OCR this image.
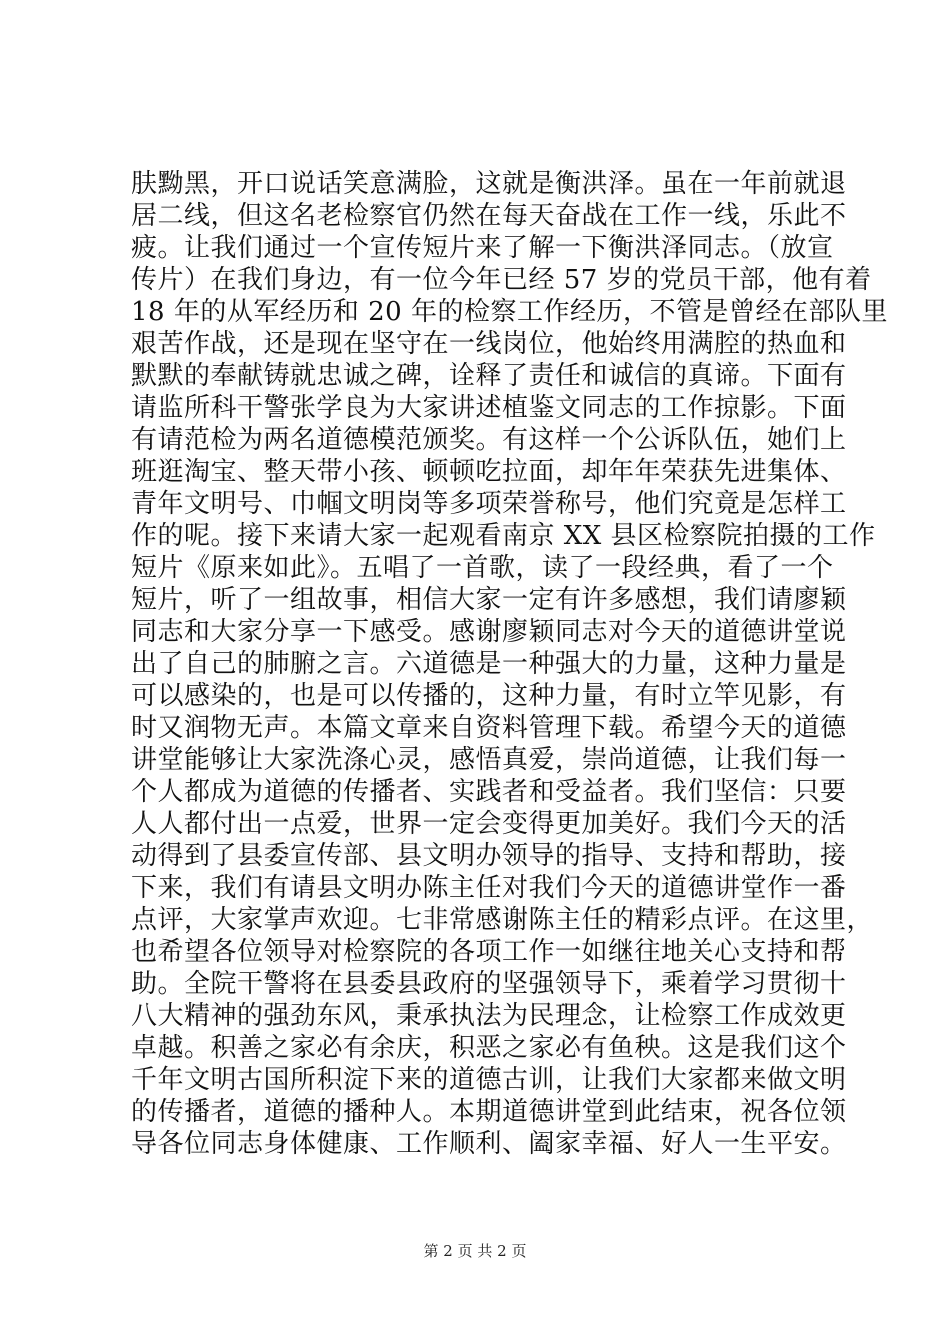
肤黝黑，开口说话笑意满脸，这就是衡洪泽。虽在一年前就退
居二线，但这名老检察官仍然在每天奋战在工作一线，乐此不
疲。让我们通过一个宣传短片来了解一下衡洪泽同志。（放宣
传片）在我们身边，有一位今年已经 57 岁的党员干部，他有着
18 年的从军经历和 20 年的检察工作经历，不管是曾经在部队里
艰苦作战，还是现在坚守在一线岗位，他始终用满腔的热血和
默默的奉献铸就忠诚之碑，诠释了责任和诚信的真谛。下面有
请监所科干警张学良为大家讲述植鉴文同志的工作掠影。下面
有请范检为两名道德模范颁奖。有这样一个公诉队伍，她们上
班逛淘宝、整天带小孩、顿顿吃拉面，却年年荣获先进集体、
青年文明号、巾帼文明岗等多项荣誉称号，他们究竟是怎样工
作的呢。接下来请大家一起观看南京 XX 县区检察院拍摄的工作
短片《原来如此》。五唱了一首歌，读了一段经典，看了一个
短片，听了一组故事，相信大家一定有许多感想，我们请廖颖
同志和大家分享一下感受。感谢廖颖同志对今天的道德讲堂说
出了自己的肺腑之言。六道德是一种强大的力量，这种力量是
可以感染的，也是可以传播的，这种力量，有时立竿见影，有
时又润物无声。本篇文章来自资料管理下载。希望今天的道德
讲堂能够让大家洗涤心灵，感悟真爱，崇尚道德，让我们每一
个人都成为道德的传播者、实践者和受益者。我们坚信：只要
人人都付出一点爱，世界一定会变得更加美好。我们今天的活
动得到了县委宣传部、县文明办领导的指导、支持和帮助，接
下来，我们有请县文明办陈主任对我们今天的道德讲堂作一番
点评，大家掌声欢迎。七非常感谢陈主任的精彩点评。在这里，
也希望各位领导对检察院的各项工作一如继往地关心支持和帮
助。全院干警将在县委县政府的坚强领导下，乘着学习贯彻十
八大精神的强劲东风，秉承执法为民理念，让检察工作成效更
卓越。积善之家必有余庆，积恶之家必有鱼秧。这是我们这个
千年文明古国所积淀下来的道德古训，让我们大家都来做文明
的传播者，道德的播种人。本期道德讲堂到此结束，祝各位领
导各位同志身体健康、工作顺利、阖家幸福、好人一生平安。
第 2 页 共 2 页
